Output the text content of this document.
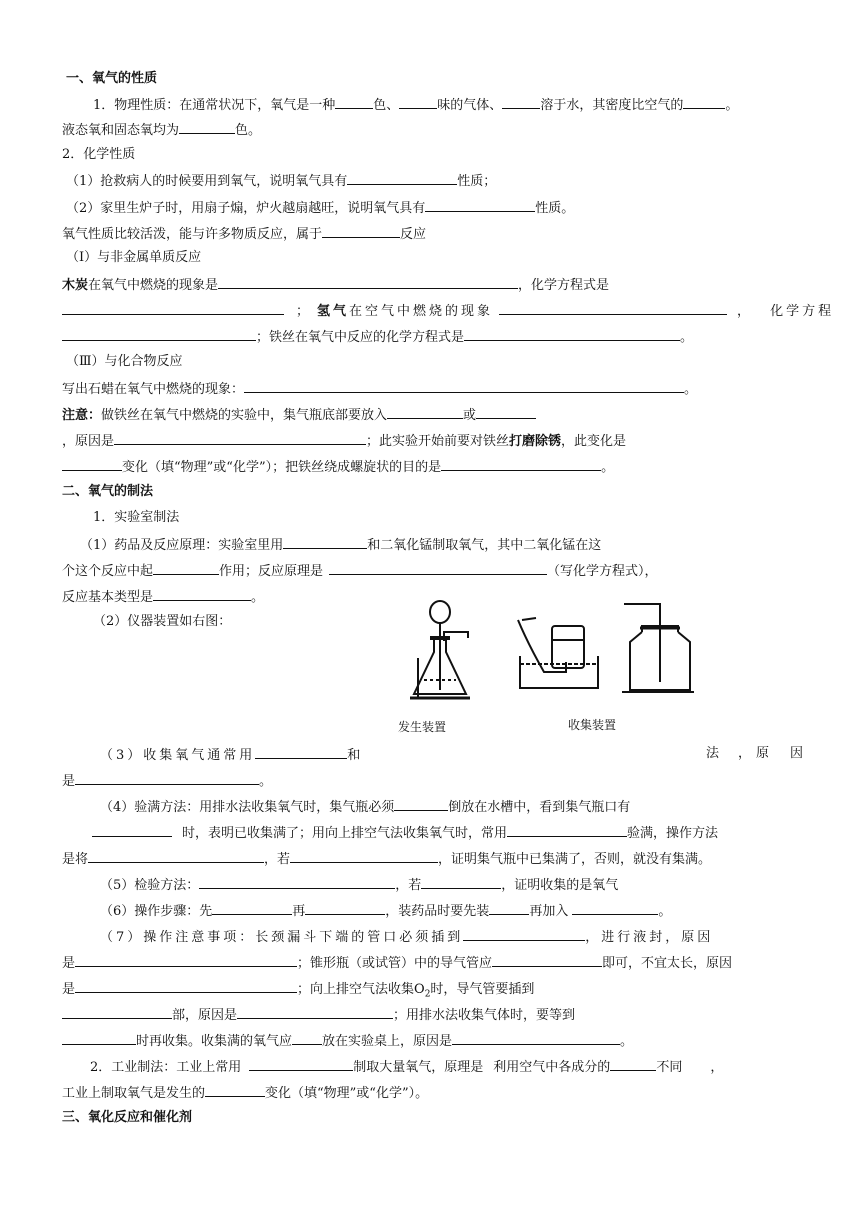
一、氧气的性质
1．物理性质：在通常状况下，氧气是一种	色、	味的气体、	溶于水，其密度比空气的	。
液态氧和固态氧均为	色。
2．化学性质
（1）抢救病人的时候要用到氧气，说明氧气具有	性质；
（2）家里生炉子时，用扇子煽，炉火越扇越旺，说明氧气具有	性质。
氧气性质比较活泼，能与许多物质反应，属于	反应
（Ⅰ）与非金属单质反应
木炭在氧气中燃烧的现象是	，化学方程式是
； 氢气在空气中燃烧的现象	， 化学方程
；铁丝在氧气中反应的化学方程式是	。
（Ⅲ）与化合物反应
写出石蜡在氧气中燃烧的现象：	。
注意：做铁丝在氧气中燃烧的实验中，集气瓶底部要放入	或
，原因是	；此实验开始前要对铁丝打磨除锈，此变化是
变化（填“物理”或“化学”）；把铁丝绕成螺旋状的目的是	。
二、氧气的制法
1．实验室制法
（1）药品及反应原理：实验室里用	和二氧化锰制取氧气，其中二氧化锰在这
个这个反应中起	作用；反应原理是	（写化学方程式），
反应基本类型是	。
（2）仪器装置如右图：
发生装置	收集装置
（3）收集氧气通常用	和	法 ， 原 因
是	。
（4）验满方法：用排水法收集氧气时，集气瓶必须	倒放在水槽中，看到集气瓶口有
时，表明已收集满了；用向上排空气法收集氧气时，常用	验满，操作方法
是将	，若	，证明集气瓶中已集满了，否则，就没有集满。
（5）检验方法：	，若	，证明收集的是氧气
（6）操作步骤：先	再	，装药品时要先装	再加入	。
（7）操作注意事项：长颈漏斗下端的管口必须插到	，进行液封，原因
是	；锥形瓶（或试管）中的导气管应	即可，不宜太长，原因
是	；向上排空气法收集$O_2$时，导气管要插到
部，原因是	；用排水法收集气体时，要等到
时再收集。收集满的氧气应 放在实验桌上，原因是	。
2．工业制法：工业上常用	制取大量氧气，原理是 利用空气中各成分的	不同 ，
工业上制取氧气是发生的	变化（填“物理”或“化学”）。
三、氧化反应和催化剂
